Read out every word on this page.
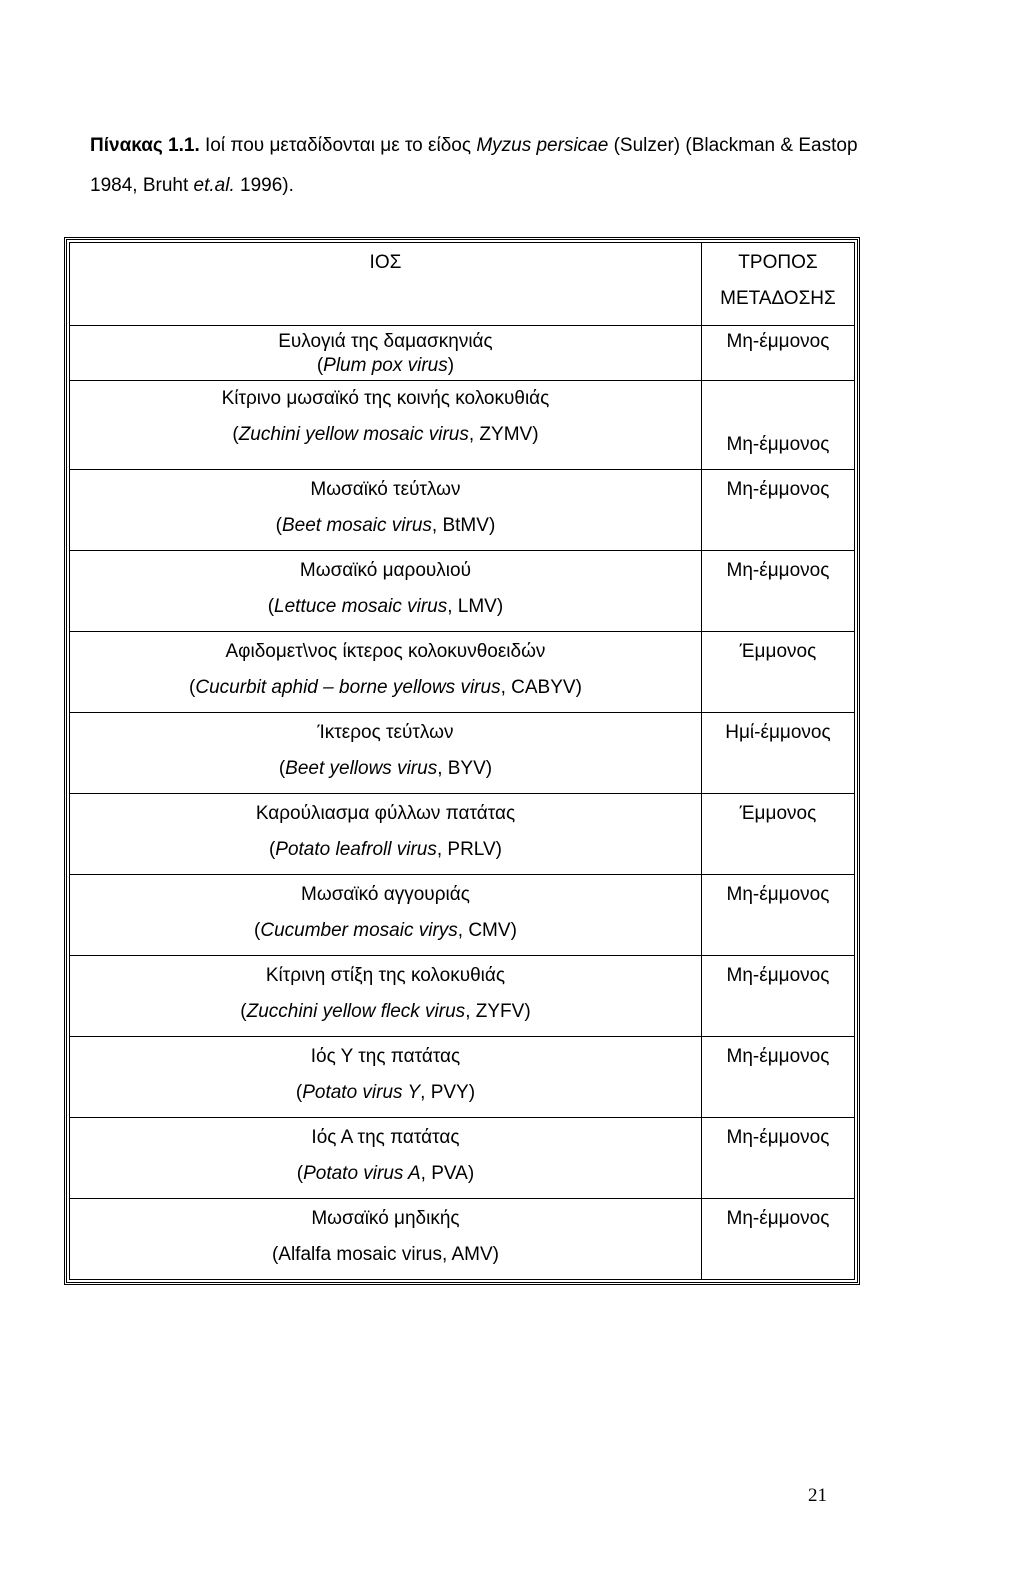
Πίνακας 1.1. Ιοί που μεταδίδονται με το είδος Myzus persicae (Sulzer) (Blackman & Eastop 1984, Bruht et.al. 1996).
ΙΟΣ	ΤΡΟΠΟΣ
ΜΕΤΑΔΟΣΗΣ
Ευλογιά της δαμασκηνιάς
(Plum pox virus)	Μη-έμμονος
Κίτρινο μωσαϊκό της κοινής κολοκυθιάς
(Zuchini yellow mosaic virus, ZYMV)	Μη-έμμονος
Μωσαϊκό τεύτλων
(Beet mosaic virus, BtMV)	Μη-έμμονος
Μωσαϊκό μαρουλιού
(Lettuce mosaic virus, LMV)	Μη-έμμονος
Αφιδομετ\νος ίκτερος κολοκυνθοειδών
(Cucurbit aphid – borne yellows virus, CABYV)	Έμμονος
Ίκτερος τεύτλων
(Beet yellows virus, BYV)	Ημί-έμμονος
Καρούλιασμα φύλλων πατάτας
(Potato leafroll virus, PRLV)	Έμμονος
Μωσαϊκό αγγουριάς
(Cucumber mosaic virys, CMV)	Μη-έμμονος
Κίτρινη στίξη της κολοκυθιάς
(Zucchini yellow fleck virus, ZYFV)	Μη-έμμονος
Ιός Υ της πατάτας
(Potato virus Y, PVY)	Μη-έμμονος
Ιός Α της πατάτας
(Potato virus A, PVA)	Μη-έμμονος
Μωσαϊκό μηδικής
(Alfalfa mosaic virus, AMV)	Μη-έμμονος
21
